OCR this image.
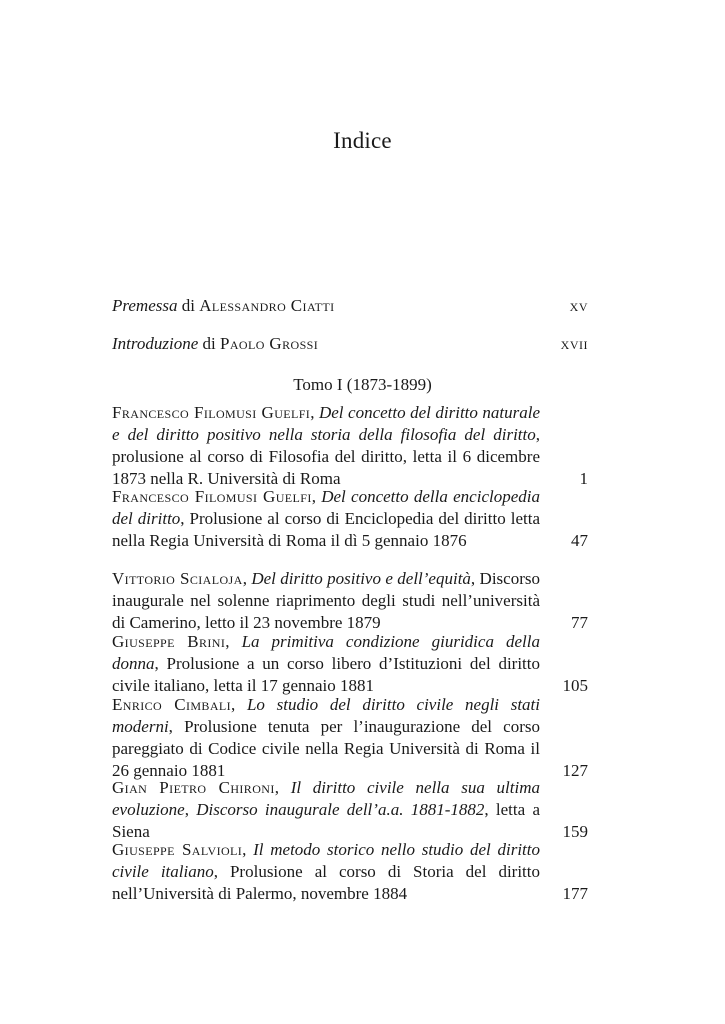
Indice
Premessa di Alessandro Ciatti	xv
Introduzione di Paolo Grossi	xvii
Tomo I (1873-1899)
Francesco Filomusi Guelfi, Del concetto del diritto naturale e del diritto positivo nella storia della filosofia del diritto, prolusione al corso di Filosofia del diritto, letta il 6 dicembre 1873 nella R. Università di Roma	1
Francesco Filomusi Guelfi, Del concetto della enciclopedia del diritto, Prolusione al corso di Enciclopedia del diritto letta nella Regia Università di Roma il dì 5 gennaio 1876	47
Vittorio Scialoja, Del diritto positivo e dell’equità, Discorso inaugurale nel solenne riaprimento degli studi nell’università di Camerino, letto il 23 novembre 1879	77
Giuseppe Brini, La primitiva condizione giuridica della donna, Prolusione a un corso libero d’Istituzioni del diritto civile italiano, letta il 17 gennaio 1881	105
Enrico Cimbali, Lo studio del diritto civile negli stati moderni, Prolusione tenuta per l’inaugurazione del corso pareggiato di Codice civile nella Regia Università di Roma il 26 gennaio 1881	127
Gian Pietro Chironi, Il diritto civile nella sua ultima evoluzione, Discorso inaugurale dell’a.a. 1881-1882, letta a Siena	159
Giuseppe Salvioli, Il metodo storico nello studio del diritto civile italiano, Prolusione al corso di Storia del diritto nell’Università di Palermo, novembre 1884	177
